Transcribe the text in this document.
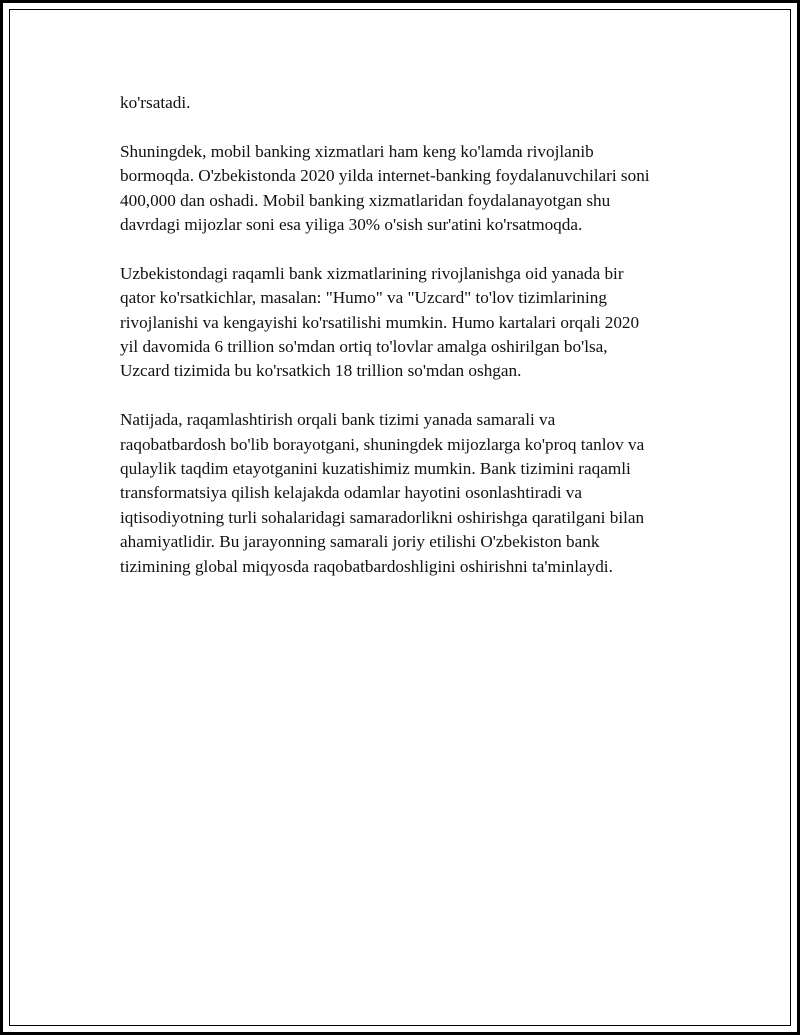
ko'rsatadi.

Shuningdek, mobil banking xizmatlari ham keng ko'lamda rivojlanib
bormoqda. O'zbekistonda 2020 yilda internet-banking foydalanuvchilari soni
400,000 dan oshadi. Mobil banking xizmatlaridan foydalanayotgan shu
davrdagi mijozlar soni esa yiliga 30% o'sish sur'atini ko'rsatmoqda.

Uzbekistondagi raqamli bank xizmatlarining rivojlanishga oid yanada bir
qator ko'rsatkichlar, masalan: "Humo" va "Uzcard" to'lov tizimlarining
rivojlanishi va kengayishi ko'rsatilishi mumkin. Humo kartalari orqali 2020
yil davomida 6 trillion so'mdan ortiq to'lovlar amalga oshirilgan bo'lsa,
Uzcard tizimida bu ko'rsatkich 18 trillion so'mdan oshgan.

Natijada, raqamlashtirish orqali bank tizimi yanada samarali va
raqobatbardosh bo'lib borayotgani, shuningdek mijozlarga ko'proq tanlov va
qulaylik taqdim etayotganini kuzatishimiz mumkin. Bank tizimini raqamli
transformatsiya qilish kelajakda odamlar hayotini osonlashtiradi va
iqtisodiyotning turli sohalaridagi samaradorlikni oshirishga qaratilgani bilan
ahamiyatlidir. Bu jarayonning samarali joriy etilishi O'zbekiston bank
tizimining global miqyosda raqobatbardoshligini oshirishni ta'minlaydi.
